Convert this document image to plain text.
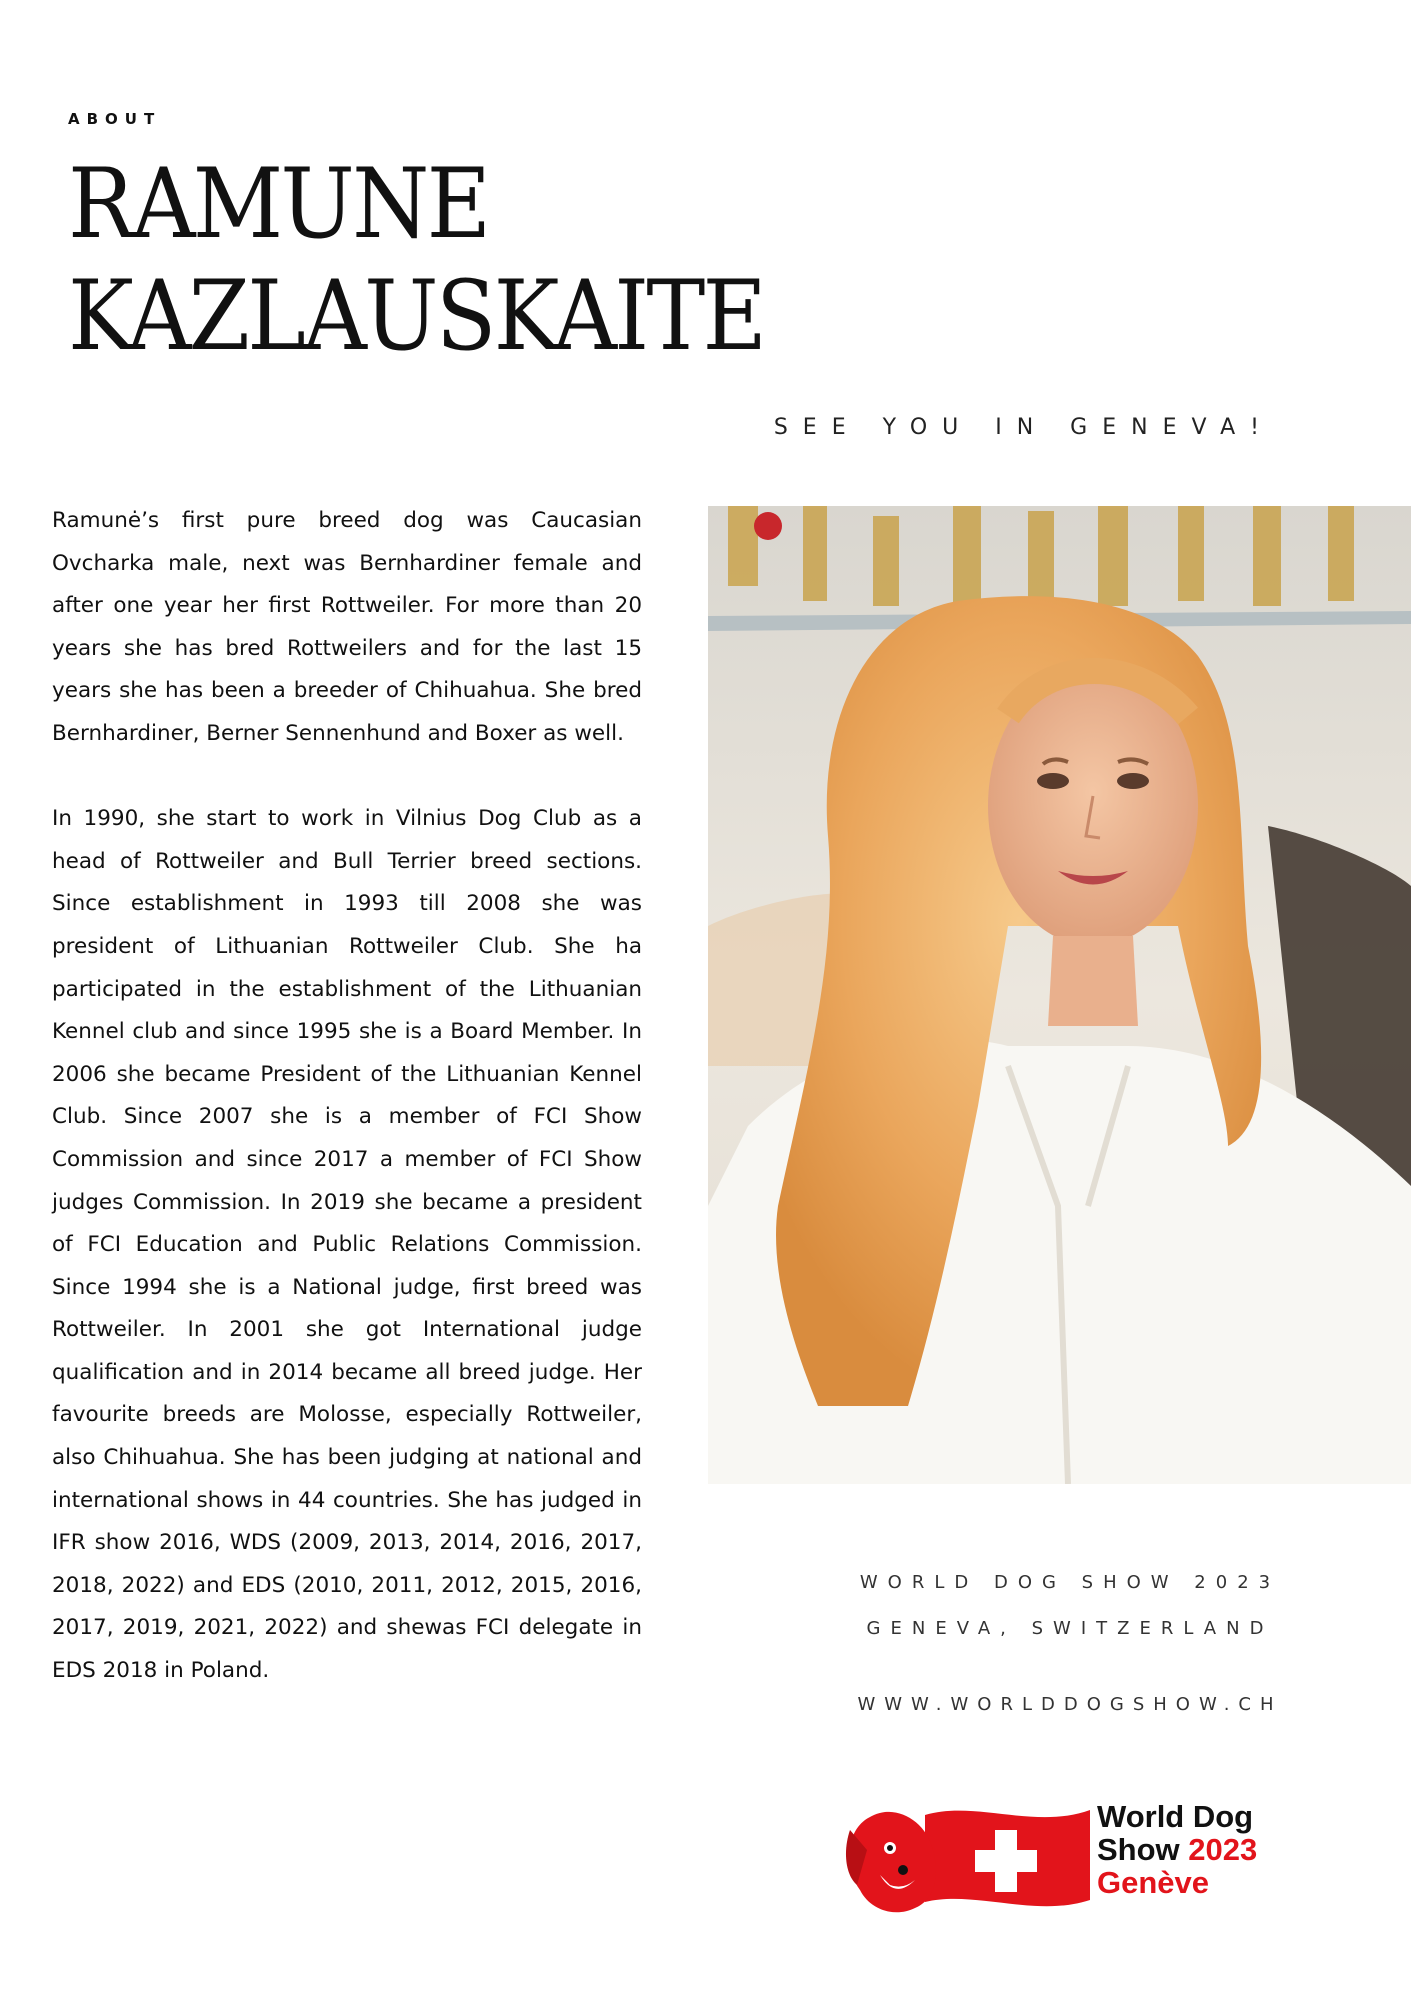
ABOUT
RAMUNE
KAZLAUSKAITE
SEE YOU IN GENEVA!

Ramunė’s first pure breed dog was Caucasian Ovcharka male, next was Bernhardiner female and after one year her first Rottweiler. For more than 20 years she has bred Rottweilers and for the last 15 years she has been a breeder of Chihuahua. She bred Bernhardiner, Berner Sennenhund and Boxer as well.

In 1990, she start to work in Vilnius Dog Club as a head of Rottweiler and Bull Terrier breed sections. Since establishment in 1993 till 2008 she was president of Lithuanian Rottweiler Club. She ha participated in the establishment of the Lithuanian Kennel club and since 1995 she is a Board Member. In 2006 she became President of the Lithuanian Kennel Club. Since 2007 she is a member of FCI Show Commission and since 2017 a member of FCI Show judges Commission. In 2019 she became a president of FCI Education and Public Relations Commission. Since 1994 she is a National judge, first breed was Rottweiler. In 2001 she got International judge qualification and in 2014 became all breed judge. Her favourite breeds are Molosse, especially Rottweiler, also Chihuahua. She has been judging at national and international shows in 44 countries. She has judged in IFR show 2016, WDS (2009, 2013, 2014, 2016, 2017, 2018, 2022) and EDS (2010, 2011, 2012, 2015, 2016, 2017, 2019, 2021, 2022) and shewas FCI delegate in EDS 2018 in Poland.

WORLD DOG SHOW 2023
GENEVA, SWITZERLAND
WWW.WORLDDOGSHOW.CH
World Dog
Show 2023
Genève
